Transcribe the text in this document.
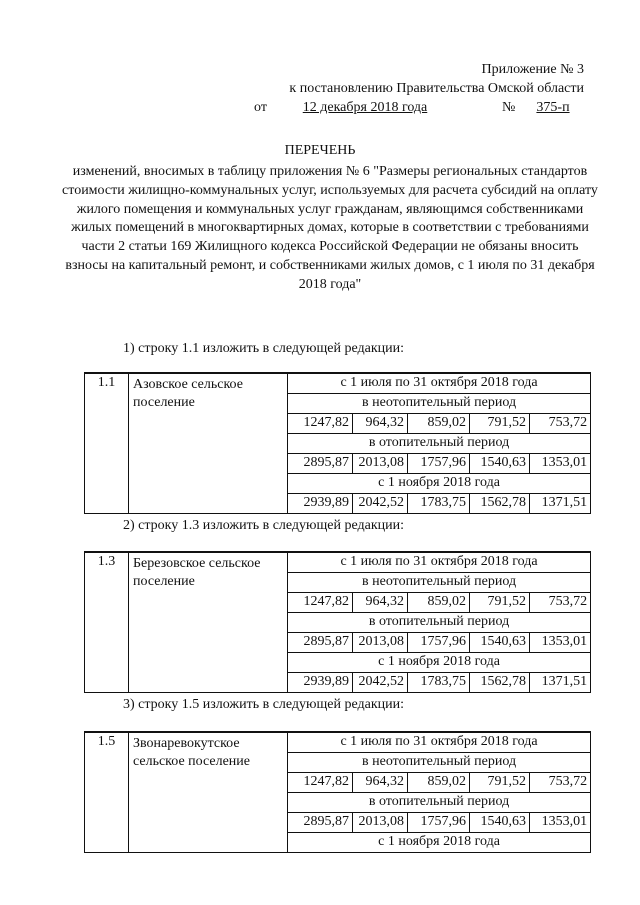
Приложение № 3
к постановлению Правительства Омской области
от	12 декабря 2018 года	№	375-п
ПЕРЕЧЕНЬ
изменений, вносимых в таблицу приложения № 6 "Размеры региональных стандартов стоимости жилищно-коммунальных услуг, используемых для расчета субсидий на оплату жилого помещения и коммунальных услуг гражданам, являющимся собственниками жилых помещений в многоквартирных домах, которые в соответствии с требованиями части 2 статьи 169 Жилищного кодекса Российской Федерации не обязаны вносить взносы на капитальный ремонт, и собственниками жилых домов, с 1 июля по 31 декабря 2018 года"
1) строку 1.1 изложить в следующей редакции:
1.1	Азовское сельское поселение	с 1 июля по 31 октября 2018 года				
		в неотопительный период				
		1247,82	964,32	859,02	791,52	753,72
		в отопительный период				
		2895,87	2013,08	1757,96	1540,63	1353,01
		с 1 ноября 2018 года				
		2939,89	2042,52	1783,75	1562,78	1371,51
2) строку 1.3 изложить в следующей редакции:
1.3	Березовское сельское поселение	с 1 июля по 31 октября 2018 года				
		в неотопительный период				
		1247,82	964,32	859,02	791,52	753,72
		в отопительный период				
		2895,87	2013,08	1757,96	1540,63	1353,01
		с 1 ноября 2018 года				
		2939,89	2042,52	1783,75	1562,78	1371,51
3) строку 1.5 изложить в следующей редакции:
1.5	Звонаревокутское сельское поселение	с 1 июля по 31 октября 2018 года				
		в неотопительный период				
		1247,82	964,32	859,02	791,52	753,72
		в отопительный период				
		2895,87	2013,08	1757,96	1540,63	1353,01
		с 1 ноября 2018 года				
